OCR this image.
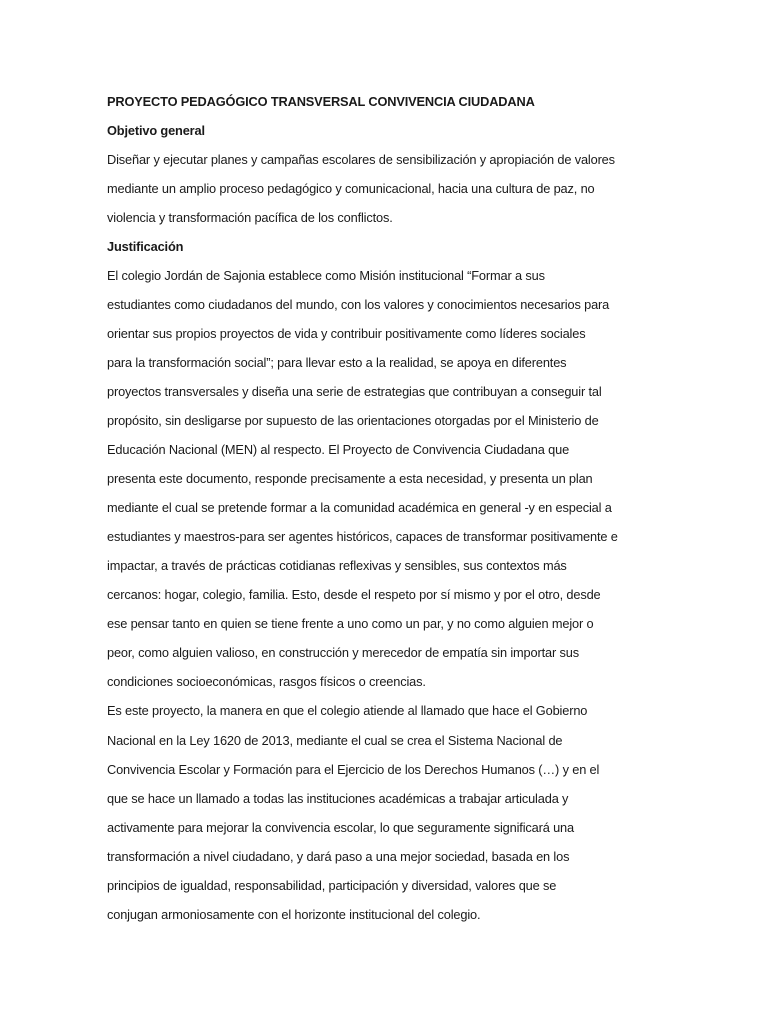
PROYECTO PEDAGÓGICO TRANSVERSAL CONVIVENCIA CIUDADANA
Objetivo general
Diseñar y ejecutar planes y campañas escolares de sensibilización y apropiación de valores
mediante un amplio proceso pedagógico y comunicacional, hacia una cultura de paz, no
violencia y transformación pacífica de los conflictos.
Justificación
El colegio Jordán de Sajonia establece como Misión institucional “Formar a sus
estudiantes como ciudadanos del mundo, con los valores y conocimientos necesarios para
orientar sus propios proyectos de vida y contribuir positivamente como líderes sociales
para la transformación social”; para llevar esto a la realidad, se apoya en diferentes
proyectos transversales y diseña una serie de estrategias que contribuyan a conseguir tal
propósito, sin desligarse por supuesto de las orientaciones otorgadas por el Ministerio de
Educación Nacional (MEN) al respecto. El Proyecto de Convivencia Ciudadana que
presenta este documento, responde precisamente a esta necesidad, y presenta un plan
mediante el cual se pretende formar a la comunidad académica en general -y en especial a
estudiantes y maestros-para ser agentes históricos, capaces de transformar positivamente e
impactar, a través de prácticas cotidianas reflexivas y sensibles, sus contextos más
cercanos: hogar, colegio, familia. Esto, desde el respeto por sí mismo y por el otro, desde
ese pensar tanto en quien se tiene frente a uno como un par, y no como alguien mejor o
peor, como alguien valioso, en construcción y merecedor de empatía sin importar sus
condiciones socioeconómicas, rasgos físicos o creencias.
Es este proyecto, la manera en que el colegio atiende al llamado que hace el Gobierno
Nacional en la Ley 1620 de 2013, mediante el cual se crea el Sistema Nacional de
Convivencia Escolar y Formación para el Ejercicio de los Derechos Humanos (…) y en el
que se hace un llamado a todas las instituciones académicas a trabajar articulada y
activamente para mejorar la convivencia escolar, lo que seguramente significará una
transformación a nivel ciudadano, y dará paso a una mejor sociedad, basada en los
principios de igualdad, responsabilidad, participación y diversidad, valores que se
conjugan armoniosamente con el horizonte institucional del colegio.
